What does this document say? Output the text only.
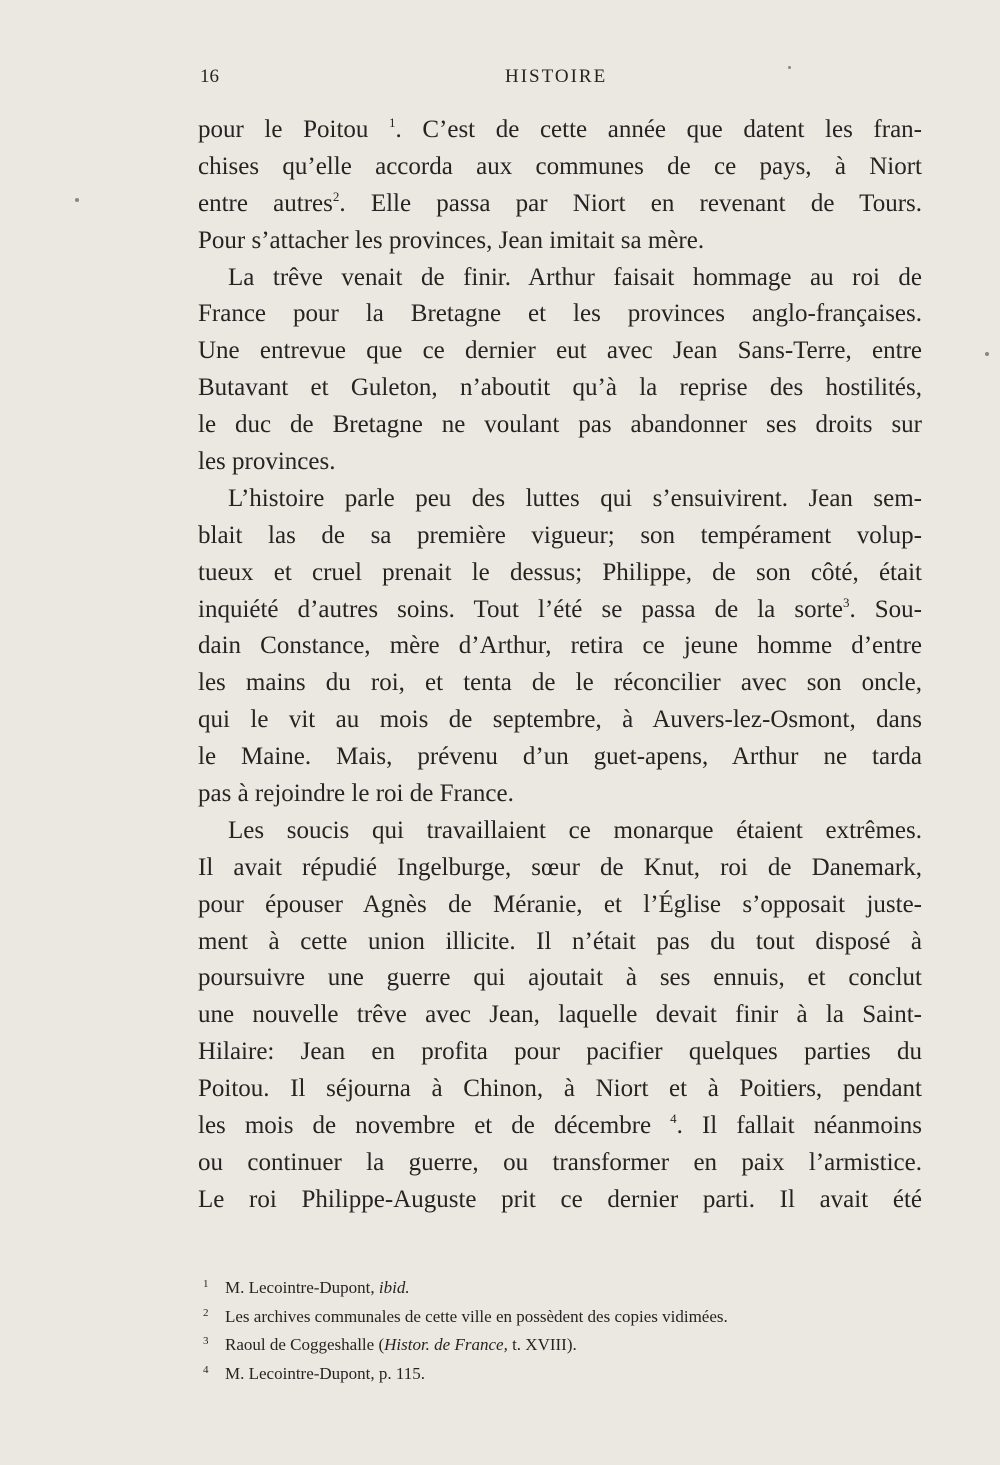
16	HISTOIRE
pour le Poitou $^1$. C’est de cette année que datent les fran-
chises qu’elle accorda aux communes de ce pays, à Niort
entre autres$^2$. Elle passa par Niort en revenant de Tours.
Pour s’attacher les provinces, Jean imitait sa mère.
La trêve venait de finir. Arthur faisait hommage au roi de
France pour la Bretagne et les provinces anglo-françaises.
Une entrevue que ce dernier eut avec Jean Sans-Terre, entre
Butavant et Guleton, n’aboutit qu’à la reprise des hostilités,
le duc de Bretagne ne voulant pas abandonner ses droits sur
les provinces.
L’histoire parle peu des luttes qui s’ensuivirent. Jean sem-
blait las de sa première vigueur; son tempérament volup-
tueux et cruel prenait le dessus; Philippe, de son côté, était
inquiété d’autres soins. Tout l’été se passa de la sorte$^3$. Sou-
dain Constance, mère d’Arthur, retira ce jeune homme d’entre
les mains du roi, et tenta de le réconcilier avec son oncle,
qui le vit au mois de septembre, à Auvers-lez-Osmont, dans
le Maine. Mais, prévenu d’un guet-apens, Arthur ne tarda
pas à rejoindre le roi de France.
Les soucis qui travaillaient ce monarque étaient extrêmes.
Il avait répudié Ingelburge, sœur de Knut, roi de Danemark,
pour épouser Agnès de Méranie, et l’Église s’opposait juste-
ment à cette union illicite. Il n’était pas du tout disposé à
poursuivre une guerre qui ajoutait à ses ennuis, et conclut
une nouvelle trêve avec Jean, laquelle devait finir à la Saint-
Hilaire: Jean en profita pour pacifier quelques parties du
Poitou. Il séjourna à Chinon, à Niort et à Poitiers, pendant
les mois de novembre et de décembre $^4$. Il fallait néanmoins
ou continuer la guerre, ou transformer en paix l’armistice.
Le roi Philippe-Auguste prit ce dernier parti. Il avait été
1 M. Lecointre-Dupont, ibid.
2 Les archives communales de cette ville en possèdent des copies vidimées.
3 Raoul de Coggeshalle (Histor. de France, t. XVIII).
4 M. Lecointre-Dupont, p. 115.
